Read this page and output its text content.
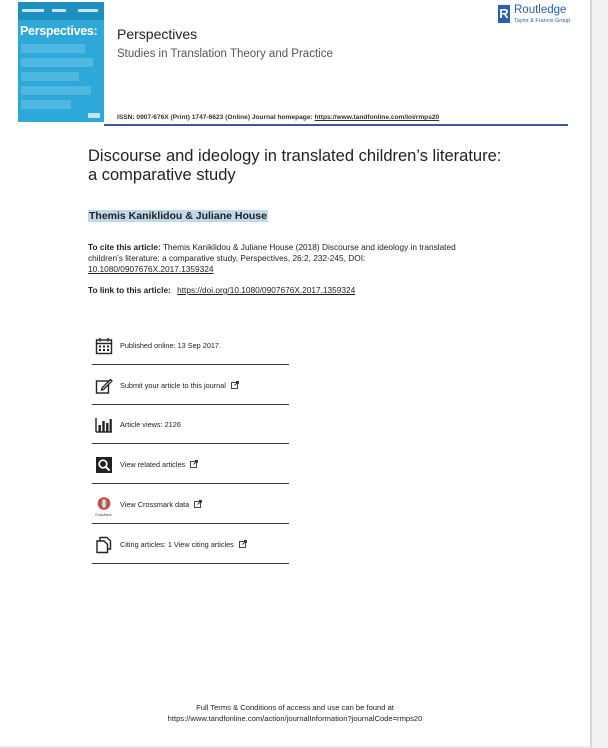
Perspectives: Perspectives
Studies in Translation Theory and Practice
R Routledge
Taylor & Francis Group
ISSN: 0907-676X (Print) 1747-6623 (Online) Journal homepage: https://www.tandfonline.com/loi/rmps20
Discourse and ideology in translated children’s literature: a comparative study
Themis Kaniklidou & Juliane House
To cite this article: Themis Kaniklidou & Juliane House (2018) Discourse and ideology in translated children’s literature: a comparative study, Perspectives, 26:2, 232-245, DOI: 10.1080/0907676X.2017.1359324
To link to this article: https://doi.org/10.1080/0907676X.2017.1359324
Published online: 13 Sep 2017.
Submit your article to this journal
Article views: 2126
View related articles
CrossMark
View Crossmark data
Citing articles: 1 View citing articles
Full Terms & Conditions of access and use can be found at
https://www.tandfonline.com/action/journalInformation?journalCode=rmps20
